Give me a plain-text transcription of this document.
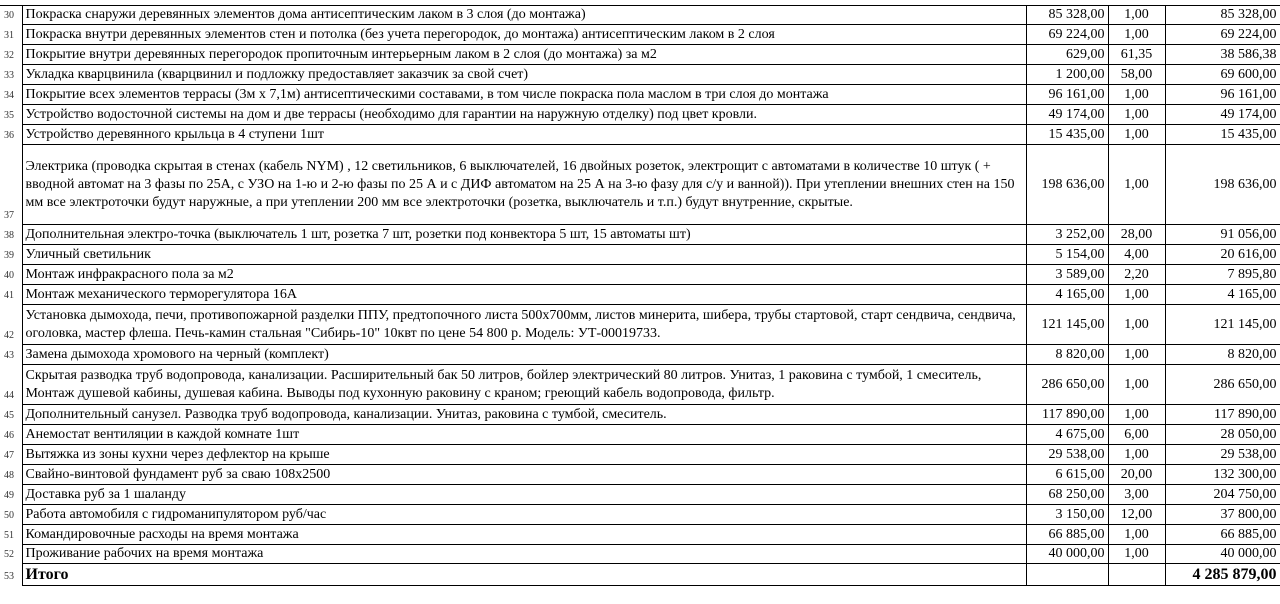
30	Покраска снаружи деревянных элементов дома антисептическим лаком в 3 слоя (до монтажа)	85 328,00	1,00	85 328,00
31	Покраска внутри деревянных элементов стен и потолка (без учета перегородок, до монтажа) антисептическим лаком в 2 слоя	69 224,00	1,00	69 224,00
32	Покрытие внутри деревянных перегородок пропиточным интерьерным лаком в 2 слоя (до монтажа) за м2	629,00	61,35	38 586,38
33	Укладка кварцвинила (кварцвинил и подложку предоставляет заказчик за свой счет)	1 200,00	58,00	69 600,00
34	Покрытие всех элементов террасы (3м х 7,1м) антисептическими составами, в том числе покраска пола маслом в три слоя до монтажа	96 161,00	1,00	96 161,00
35	Устройство водосточной системы на дом и две террасы (необходимо для гарантии на наружную отделку) под цвет кровли.	49 174,00	1,00	49 174,00
36	Устройство деревянного крыльца в 4 ступени 1шт	15 435,00	1,00	15 435,00
37	Электрика (проводка скрытая в стенах (кабель NYM) , 12 светильников, 6 выключателей, 16 двойных розеток, электрощит с автоматами в количестве 10 штук ( + вводной автомат на 3 фазы по 25А, с УЗО на 1-ю и 2-ю фазы по 25 А и с ДИФ автоматом на 25 А на 3-ю фазу для с/у и ванной)). При утеплении внешних стен на 150 мм все электроточки будут наружные, а при утеплении 200 мм все электроточки (розетка, выключатель и т.п.) будут внутренние, скрытые.	198 636,00	1,00	198 636,00
38	Дополнительная электро-точка (выключатель 1 шт, розетка 7 шт, розетки под конвектора 5 шт, 15 автоматы шт)	3 252,00	28,00	91 056,00
39	Уличный светильник	5 154,00	4,00	20 616,00
40	Монтаж инфракрасного пола за м2	3 589,00	2,20	7 895,80
41	Монтаж механического терморегулятора 16А	4 165,00	1,00	4 165,00
42	Установка дымохода, печи, противопожарной разделки ППУ, предтопочного листа 500х700мм, листов минерита, шибера, трубы стартовой, старт сендвича, сендвича, оголовка, мастер флеша. Печь-камин стальная "Сибирь-10" 10квт по цене 54 800 р. Модель: УТ-00019733.	121 145,00	1,00	121 145,00
43	Замена дымохода хромового на черный (комплект)	8 820,00	1,00	8 820,00
44	Скрытая разводка труб водопровода, канализации. Расширительный бак 50 литров, бойлер электрический 80 литров. Унитаз, 1 раковина с тумбой, 1 смеситель, Монтаж душевой кабины, душевая кабина. Выводы под кухонную раковину с краном; греющий кабель водопровода, фильтр.	286 650,00	1,00	286 650,00
45	Дополнительный санузел. Разводка труб водопровода, канализации. Унитаз, раковина с тумбой, смеситель.	117 890,00	1,00	117 890,00
46	Анемостат вентиляции в каждой комнате 1шт	4 675,00	6,00	28 050,00
47	Вытяжка из зоны кухни через дефлектор на крыше	29 538,00	1,00	29 538,00
48	Свайно-винтовой фундамент руб за сваю 108х2500	6 615,00	20,00	132 300,00
49	Доставка руб за 1 шаланду	68 250,00	3,00	204 750,00
50	Работа автомобиля с гидроманипулятором руб/час	3 150,00	12,00	37 800,00
51	Командировочные расходы на время монтажа	66 885,00	1,00	66 885,00
52	Проживание рабочих на время монтажа	40 000,00	1,00	40 000,00
53	Итого			4 285 879,00
